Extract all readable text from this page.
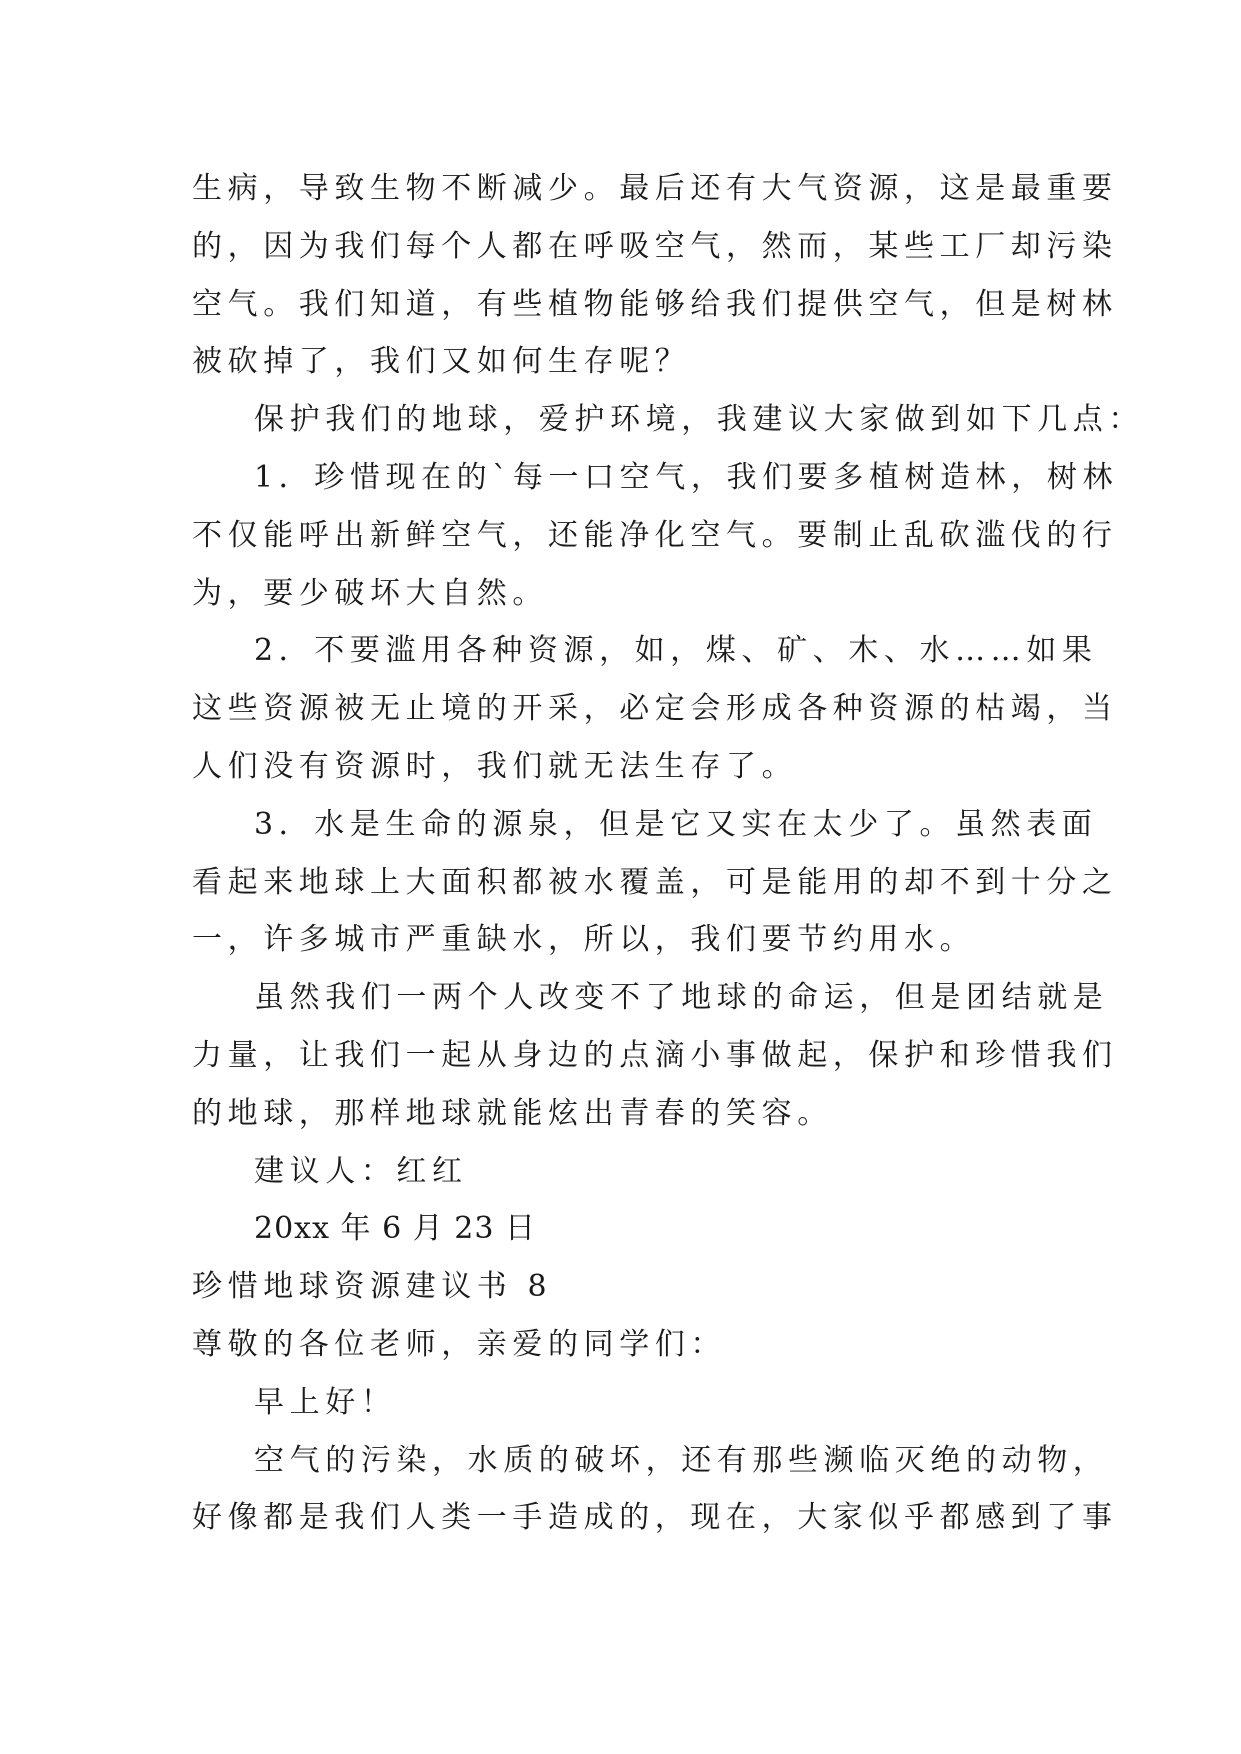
生病，导致生物不断减少。最后还有大气资源，这是最重要
的，因为我们每个人都在呼吸空气，然而，某些工厂却污染
空气。我们知道，有些植物能够给我们提供空气，但是树林
被砍掉了，我们又如何生存呢？
保护我们的地球，爱护环境，我建议大家做到如下几点：
1．珍惜现在的`每一口空气，我们要多植树造林，树林
不仅能呼出新鲜空气，还能净化空气。要制止乱砍滥伐的行
为，要少破坏大自然。
2．不要滥用各种资源，如，煤、矿、木、水……如果
这些资源被无止境的开采，必定会形成各种资源的枯竭，当
人们没有资源时，我们就无法生存了。
3．水是生命的源泉，但是它又实在太少了。虽然表面
看起来地球上大面积都被水覆盖，可是能用的却不到十分之
一，许多城市严重缺水，所以，我们要节约用水。
虽然我们一两个人改变不了地球的命运，但是团结就是
力量，让我们一起从身边的点滴小事做起，保护和珍惜我们
的地球，那样地球就能炫出青春的笑容。
建议人：红红
20xx 年 6 月 23 日
珍惜地球资源建议书 8
尊敬的各位老师，亲爱的同学们：
早上好！
空气的污染，水质的破坏，还有那些濒临灭绝的动物，
好像都是我们人类一手造成的，现在，大家似乎都感到了事
